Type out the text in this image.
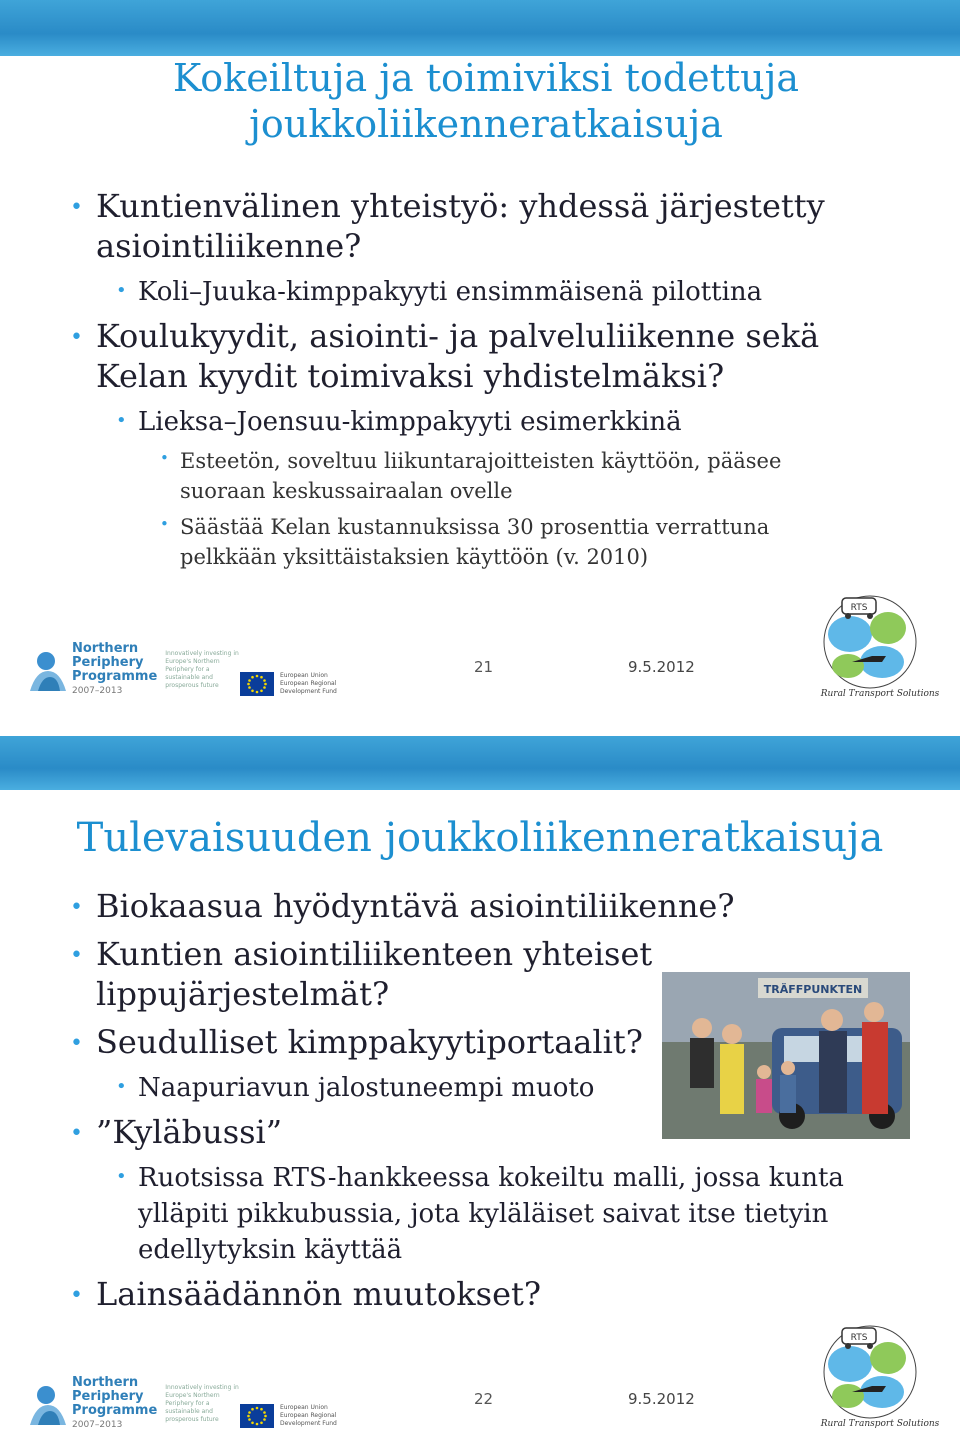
Kokeiltuja ja toimiviksi todettuja
joukkoliikenneratkaisuja
• Kuntienvälinen yhteistyö: yhdessä järjestetty asiointiliikenne?
• Koli–Juuka-kimppakyyti ensimmäisenä pilottina
• Koulukyydit, asiointi- ja palveluliikenne sekä Kelan kyydit toimivaksi yhdistelmäksi?
• Lieksa–Joensuu-kimppakyyti esimerkkinä
• Esteetön, soveltuu liikuntarajoitteisten käyttöön, pääsee suoraan keskussairaalan ovelle
• Säästää Kelan kustannuksissa 30 prosenttia verrattuna pelkkään yksittäistaksien käyttöön (v. 2010)
Northern
Periphery
Programme
2007–2013
Innovatively investing in Europe's Northern Periphery for a sustainable and prosperous future
European Union European Regional Development Fund
21	9.5.2012
RTS
Rural Transport Solutions
Tulevaisuuden joukkoliikenneratkaisuja
• Biokaasua hyödyntävä asiointiliikenne?
• Kuntien asiointiliikenteen yhteiset lippujärjestelmät?
• Seudulliset kimppakyytiportaalit?
• Naapuriavun jalostuneempi muoto
• ”Kyläbussi”
• Ruotsissa RTS-hankkeessa kokeiltu malli, jossa kunta ylläpiti pikkubussia, jota kyläläiset saivat itse tietyin edellytyksin käyttää
• Lainsäädännön muutokset?
TRÄFFPUNKTEN
Northern
Periphery
Programme
2007–2013
Innovatively investing in Europe's Northern Periphery for a sustainable and prosperous future
European Union European Regional Development Fund
22	9.5.2012
RTS
Rural Transport Solutions
